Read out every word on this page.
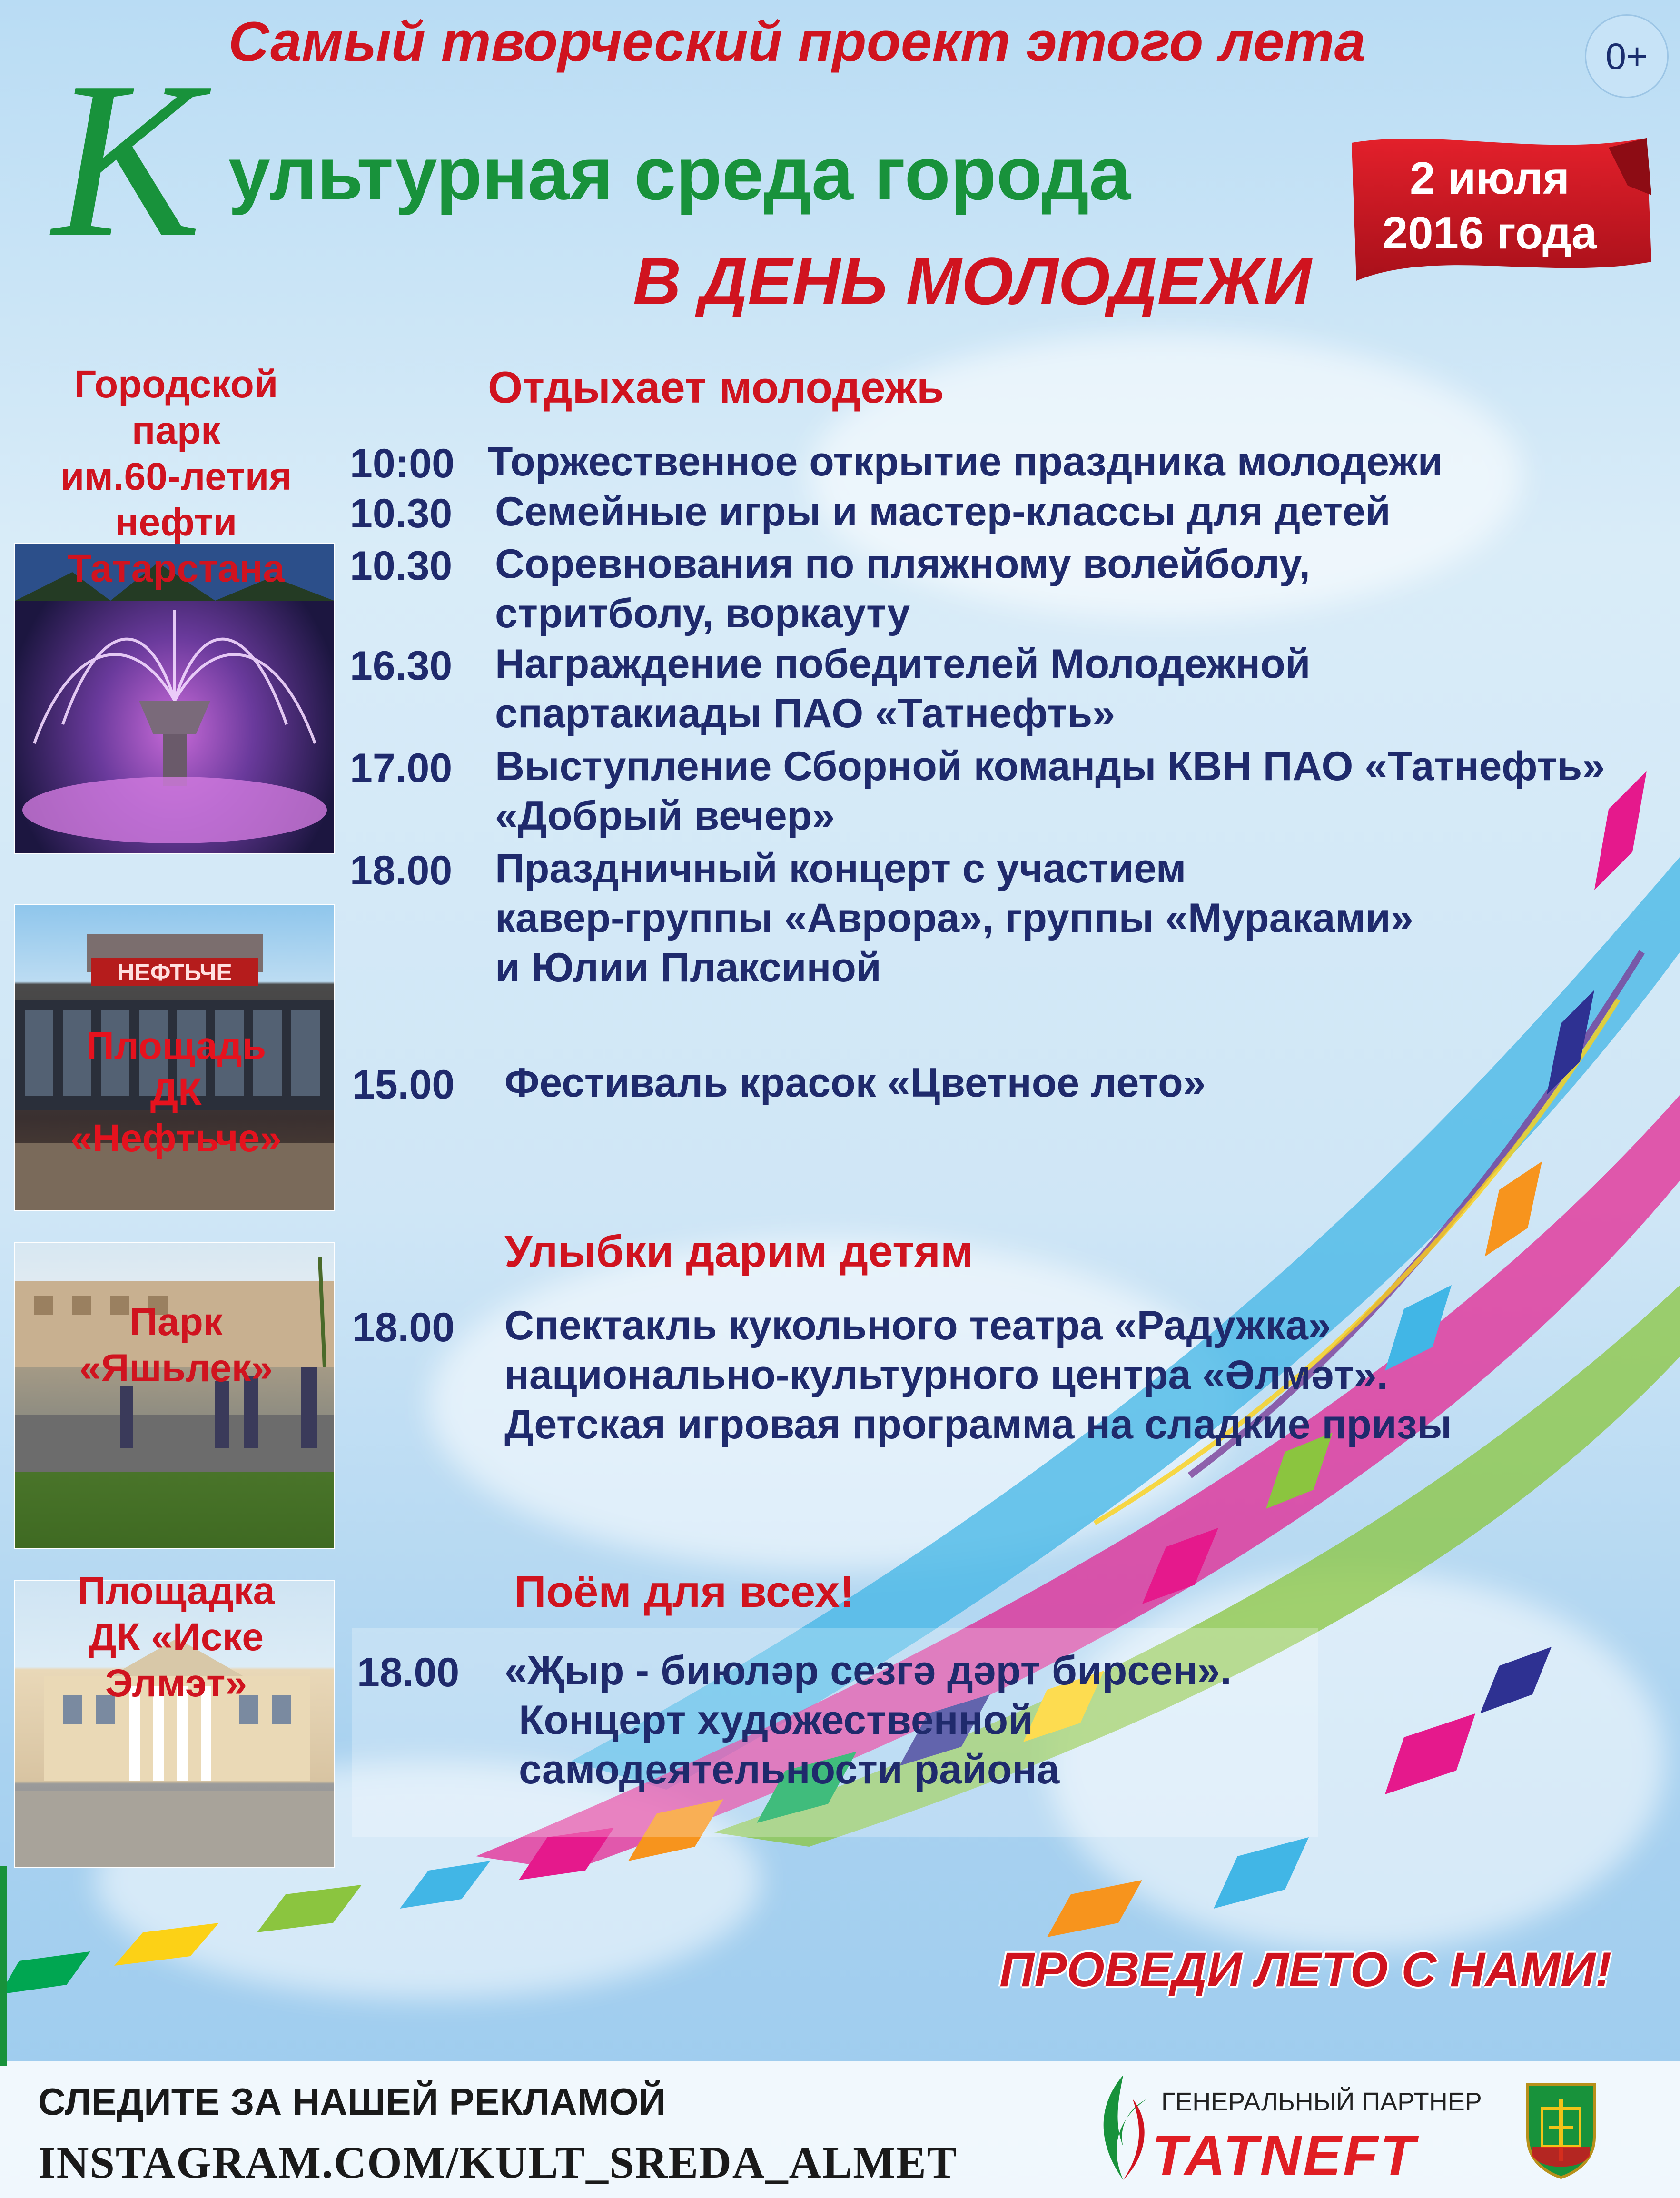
Самый творческий проект этого лета
К ультурная среда города
В ДЕНЬ МОЛОДЕЖИ
0+
2 июля
2016 года
Городской
парк
им.60-летия
нефти
Татарстана
НЕФТЬЧЕ
Площадь
ДК
«Нефтьче»
Парк
«Яшьлек»
Площадка
ДК «Иске
Элмэт»
Отдыхает молодежь
Улыбки дарим детям
Поём для всех!
10:00 Торжественное открытие праздника молодежи
10.30 Семейные игры и мастер-классы для детей
10.30 Соревнования по пляжному волейболу,
стритболу, воркауту
16.30 Награждение победителей Молодежной
спартакиады ПАО «Татнефть»
17.00 Выступление Сборной команды КВН ПАО «Татнефть»
«Добрый вечер»
18.00 Праздничный концерт с участием
кавер-группы «Аврора», группы «Мураками»
и Юлии Плаксиной
15.00 Фестиваль красок «Цветное лето»
18.00 Спектакль кукольного театра «Радужка»
национально-культурного центра «Әлмәт».
Детская игровая программа на сладкие призы
18.00 «Җыр - биюләр сезгә дәрт бирсен».
Концерт художественной
самодеятельности района
ПРОВЕДИ ЛЕТО С НАМИ!
СЛЕДИТЕ ЗА НАШЕЙ РЕКЛАМОЙ
INSTAGRAM.COM/KULT_SREDA_ALMET
ГЕНЕРАЛЬНЫЙ ПАРТНЕР
TATNEFT
